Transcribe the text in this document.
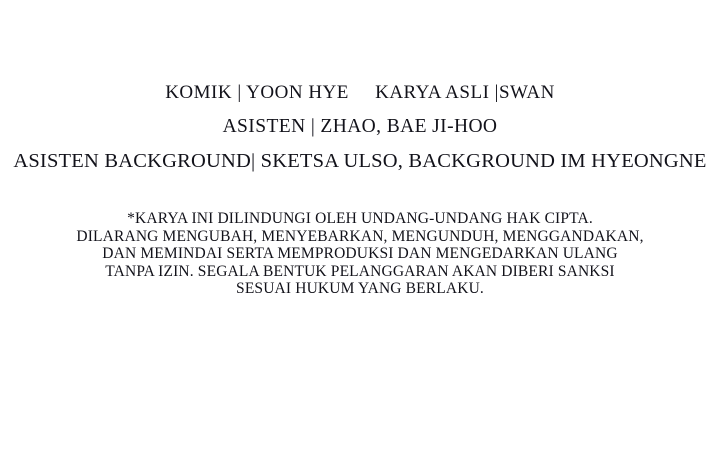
KOMIK | YOON HYE     KARYA ASLI |SWAN
ASISTEN | ZHAO, BAE JI-HOO
ASISTEN BACKGROUND| SKETSA ULSO, BACKGROUND IM HYEONGNE
*KARYA INI DILINDUNGI OLEH UNDANG-UNDANG HAK CIPTA.
DILARANG MENGUBAH, MENYEBARKAN, MENGUNDUH, MENGGANDAKAN,
DAN MEMINDAI SERTA MEMPRODUKSI DAN MENGEDARKAN ULANG
TANPA IZIN. SEGALA BENTUK PELANGGARAN AKAN DIBERI SANKSI
SESUAI HUKUM YANG BERLAKU.
